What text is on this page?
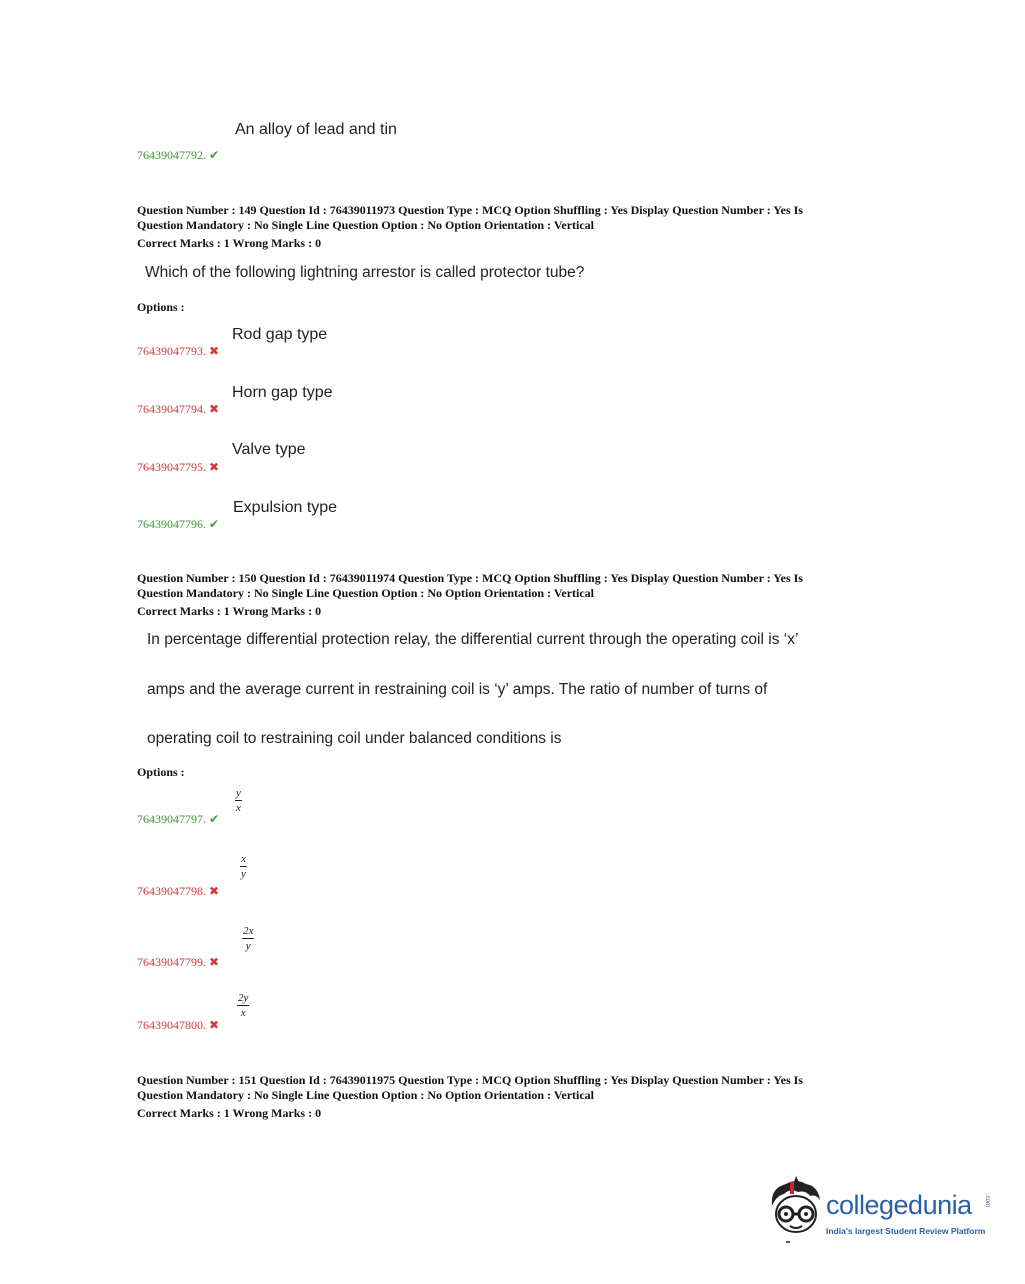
An alloy of lead and tin
76439047792. ✔
Question Number : 149 Question Id : 76439011973 Question Type : MCQ Option Shuffling : Yes Display Question Number : Yes Is
Question Mandatory : No Single Line Question Option : No Option Orientation : Vertical
Correct Marks : 1 Wrong Marks : 0
Which of the following lightning arrestor is called protector tube?
Options :
Rod gap type
76439047793. ✖
Horn gap type
76439047794. ✖
Valve type
76439047795. ✖
Expulsion type
76439047796. ✔
Question Number : 150 Question Id : 76439011974 Question Type : MCQ Option Shuffling : Yes Display Question Number : Yes Is
Question Mandatory : No Single Line Question Option : No Option Orientation : Vertical
Correct Marks : 1 Wrong Marks : 0
In percentage differential protection relay, the differential current through the operating coil is ‘x’
amps and the average current in restraining coil is ‘y’ amps. The ratio of number of turns of
operating coil to restraining coil under balanced conditions is
Options :
$\frac{y}{x}$
76439047797. ✔
$\frac{x}{y}$
76439047798. ✖
$\frac{2x}{y}$
76439047799. ✖
$\frac{2y}{x}$
76439047800. ✖
Question Number : 151 Question Id : 76439011975 Question Type : MCQ Option Shuffling : Yes Display Question Number : Yes Is
Question Mandatory : No Single Line Question Option : No Option Orientation : Vertical
Correct Marks : 1 Wrong Marks : 0
collegedunia .com
India's largest Student Review Platform
